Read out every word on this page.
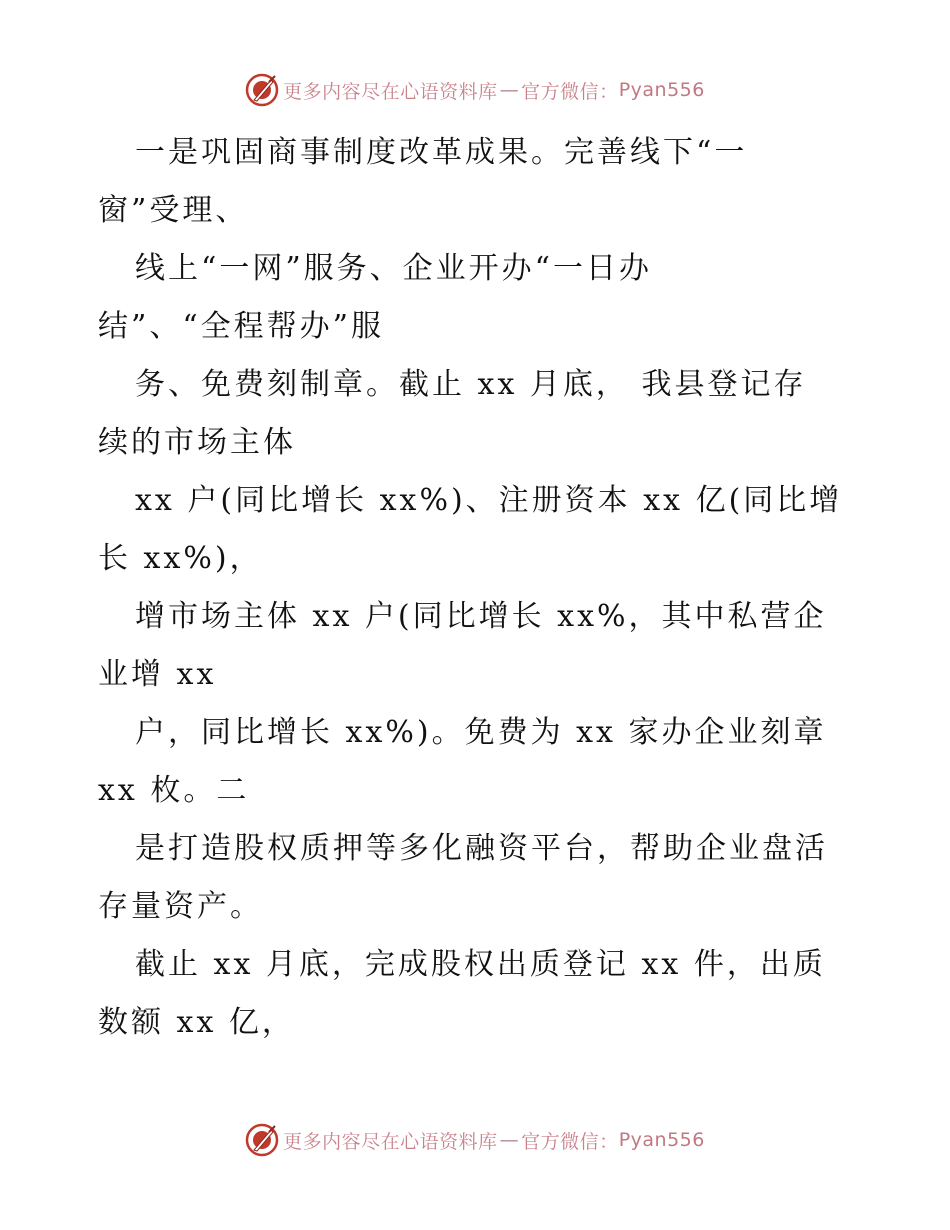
更多内容尽在心语资料库 — 官方微信： Pyan556
一是巩固商事制度改革成果。完善线下“一
窗”受理、
线上“一网”服务、企业开办“一日办
结”、“全程帮办”服
务、免费刻制章。截止 xx 月底， 我县登记存
续的市场主体
xx 户(同比增长 xx%)、注册资本 xx 亿(同比增
长 xx%)，
增市场主体 xx 户(同比增长 xx%，其中私营企
业增 xx
户，同比增长 xx%)。免费为 xx 家办企业刻章
xx 枚。二
是打造股权质押等多化融资平台，帮助企业盘活
存量资产。
截止 xx 月底，完成股权出质登记 xx 件，出质
数额 xx 亿，
更多内容尽在心语资料库 — 官方微信： Pyan556
